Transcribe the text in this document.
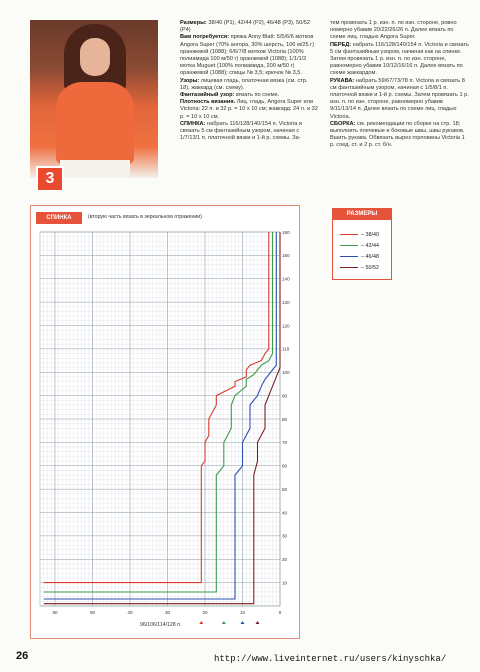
3

Размеры: 38/40 (P1), 42/44 (P2), 46/48 (P3), 50/52 (P4)

Вам потребуется: пряжа Anny Blatt: 5/5/6/6 мотков Angora Super (70% ангора, 30% шерсть, 106 м/25 г) оранжевой (1088); 6/6/7/8 мотков Victoria (100% полиамида 100 м/50 г) оранжевой (1088); 1/1/1/2 мотка Muguet (100% полиамида, 200 м/50 г) оранжевой (1088); спицы № 3,5; крючок № 3,5.

Узоры: лицевая гладь, платочная вязка (см. стр. 18), жаккард (см. схему).

Фантазийный узор: вязать по схеме.

Плотность вязания. Лиц. гладь, Angora Super или Victoria: 22 п. и 32 р. = 10 х 10 см; жаккард: 24 п. и 32 р. = 10 х 10 см.

СПИНКА: набрать 116/128/140/154 п. Victoria и связать 5 см фантазийным узором, начиная с 1/7/13/1 п. платочной вязки и 1-й р. схемы. За-

тем провязать 1 р. изн. п. по изн. стороне, ровно номерно убавив 20/22/26/26 п. Далее вязать по схеме лиц. гладью Angora Super.

ПЕРЕД: набрать 116/128/140/154 п. Victoria и связать 5 см фантазийным узором, начиная как на спинке. Затем провязать 1 р. изн. п. по изн. стороне, равномерно убавив 10/12/16/16 п. Далее вязать по схеме жаккардом.

РУКАВА: набрать 59/67/73/78 п. Victoria и связать 8 см фантазийным узором, начиная с 1/5/8/1 п. платочной вязки и 1-й р. схемы. Затем провязать 1 р. изн. п. по изн. стороне, равномерно убавив 9/11/13/14 п. Далее вязать по схеме лиц. гладью Victoria.

СБОРКА: см. рекомендации по сборке на стр. 18; выполнить плечевые и боковые швы, швы рукавов. Вшить рукава. Обвязать вырез горловины Victoria 1 р. соед. ст. и 2 р. ст. б/н.

СПИНКА	(вторую часть вязать в зеркальном отражении)
10
20
30
40
50
60
70
80
90
100
110
120
130
140
150
160
60	50	40	30	20	10	0
96/106/114/128 п.
РАЗМЕРЫ
– 38/40
– 42/44
– 46/48
– 50/52
26	http://www.liveinternet.ru/users/kinyschka/
